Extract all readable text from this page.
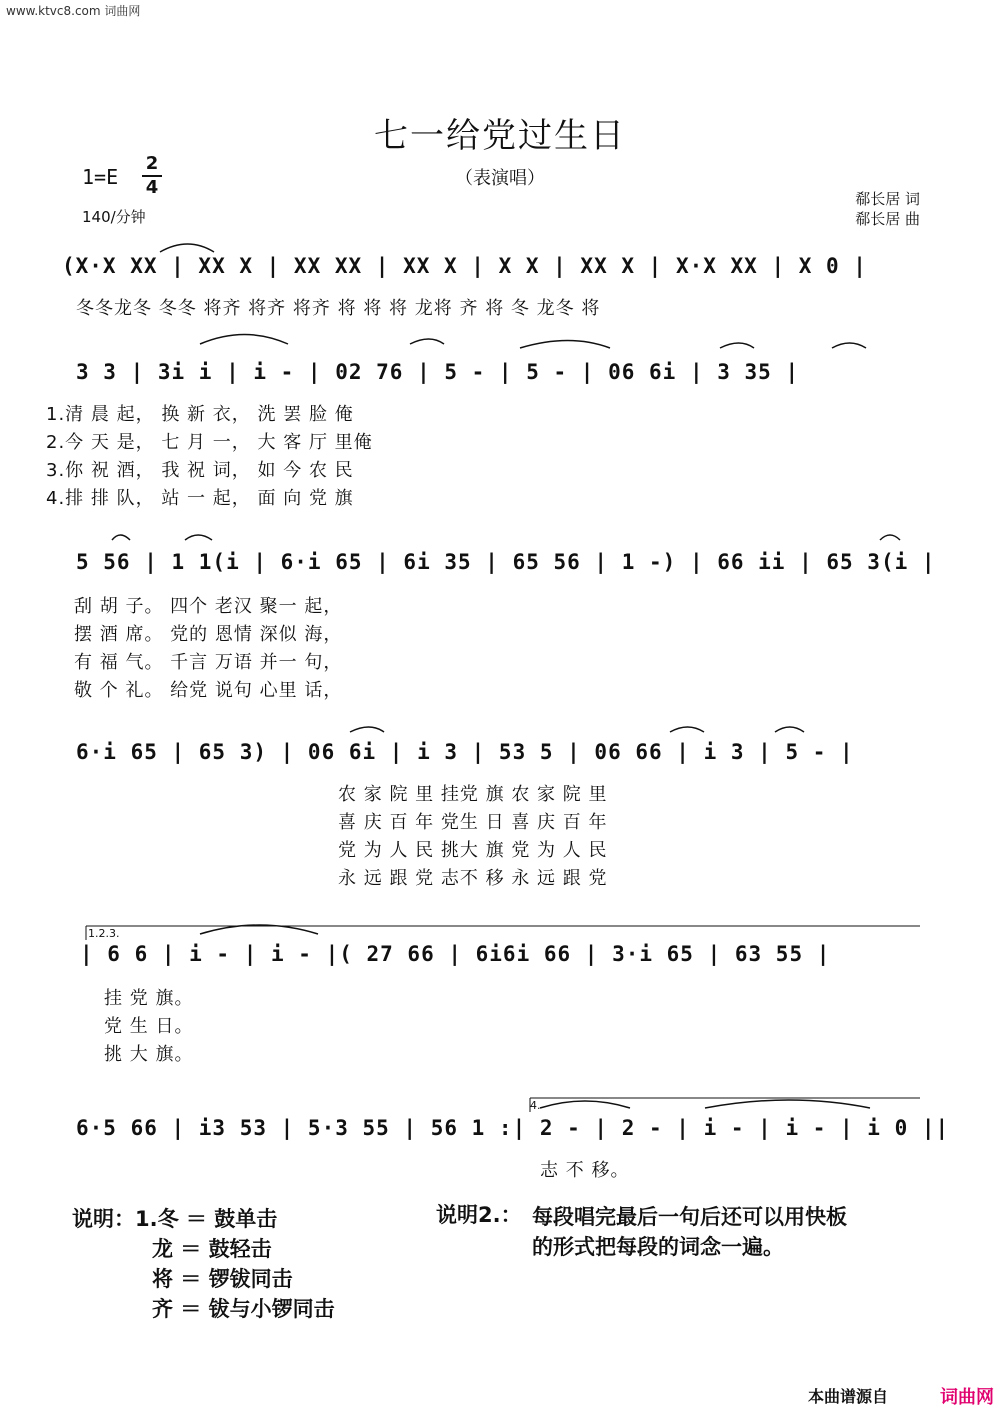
www.ktvc8.com 词曲网
七一给党过生日
（表演唱）
1=E
2
4
140/分钟
郗长居 词
郗长居 曲
(X·X XX | XX X | XX XX | XX X | X X | XX X | X·X XX | X 0 |
冬冬龙冬 冬冬 将齐 将齐 将齐 将 将 将 龙将 齐 将 冬 龙冬 将
3 3 | 3i i | i - | 02 76 | 5 - | 5 - | 06 6i | 3 35 |
1.清 晨 起， 换 新 衣， 洗 罢 脸 俺
2.今 天 是， 七 月 一， 大 客 厅 里俺
3.你 祝 酒， 我 祝 词， 如 今 农 民
4.排 排 队， 站 一 起， 面 向 党 旗
5 56 | 1 1(i | 6·i 65 | 6i 35 | 65 56 | 1 -) | 66 ii | 65 3(i |
刮 胡 子。 四个 老汉 聚一 起，
摆 酒 席。 党的 恩情 深似 海，
有 福 气。 千言 万语 并一 句，
敬 个 礼。 给党 说句 心里 话，
6·i 65 | 65 3) | 06 6i | i 3 | 53 5 | 06 66 | i 3 | 5 - |
农 家 院 里 挂党 旗 农 家 院 里
喜 庆 百 年 党生 日 喜 庆 百 年
党 为 人 民 挑大 旗 党 为 人 民
永 远 跟 党 志不 移 永 远 跟 党
1.2.3.
| 6 6 | i - | i - |( 27 66 | 6i6i 66 | 3·i 65 | 63 55 |
挂 党 旗。
党 生 日。
挑 大 旗。
4.
6·5 66 | i3 53 | 5·3 55 | 56 1 :| 2 - | 2 - | i - | i - | i 0 ||
志 不 移。
说明：1.冬 ＝ 鼓单击
龙 ＝ 鼓轻击
将 ＝ 锣钹同击
齐 ＝ 钹与小锣同击
说明2.： 每段唱完最后一句后还可以用快板
的形式把每段的词念一遍。
本曲谱源自	词曲网
